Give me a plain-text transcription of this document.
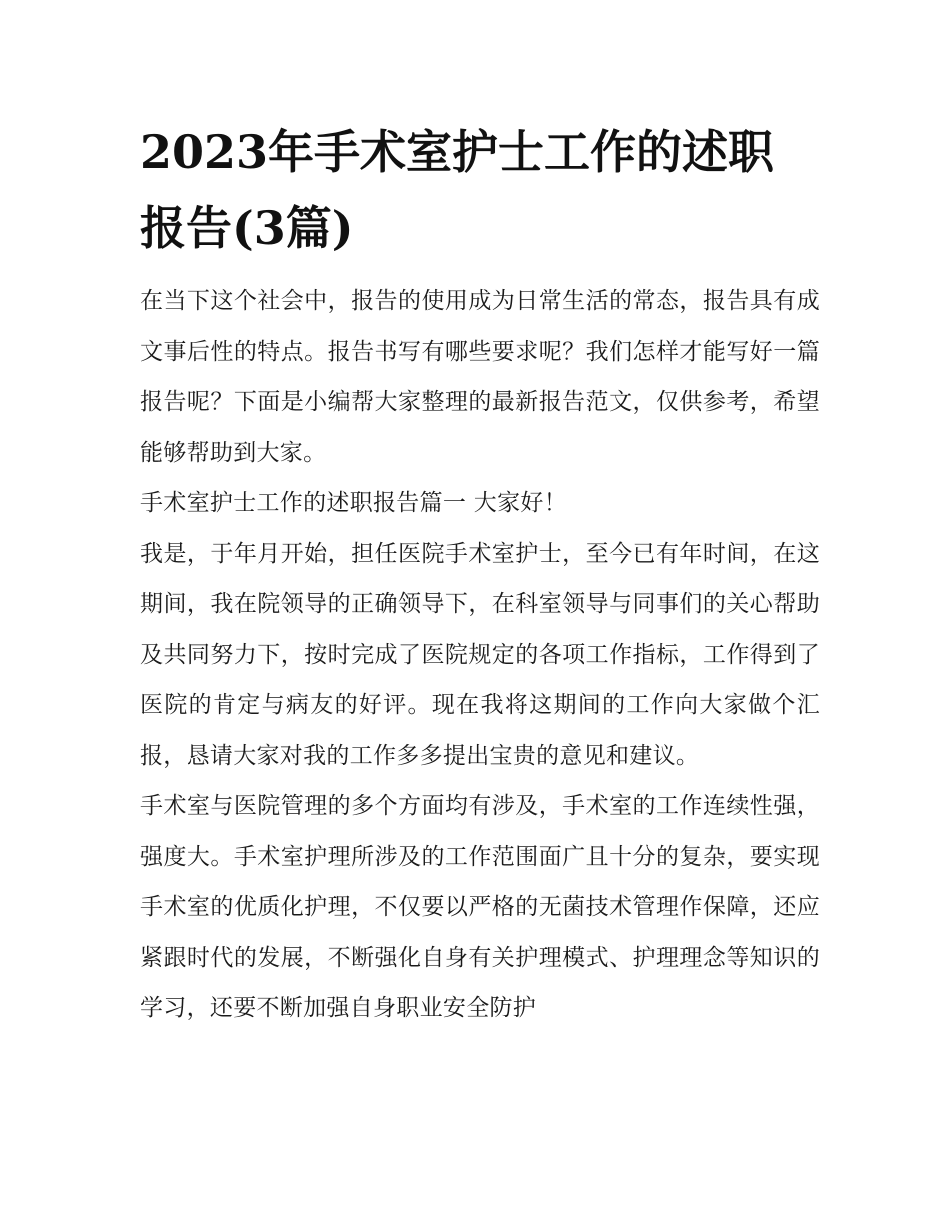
2023年手术室护士工作的述职报告(3篇)

在当下这个社会中，报告的使用成为日常生活的常态，报告具有成文事后性的特点。报告书写有哪些要求呢？我们怎样才能写好一篇报告呢？下面是小编帮大家整理的最新报告范文，仅供参考，希望能够帮助到大家。

手术室护士工作的述职报告篇一 大家好！

我是，于年月开始，担任医院手术室护士，至今已有年时间，在这期间，我在院领导的正确领导下，在科室领导与同事们的关心帮助及共同努力下，按时完成了医院规定的各项工作指标，工作得到了医院的肯定与病友的好评。现在我将这期间的工作向大家做个汇报，恳请大家对我的工作多多提出宝贵的意见和建议。

手术室与医院管理的多个方面均有涉及，手术室的工作连续性强，强度大。手术室护理所涉及的工作范围面广且十分的复杂，要实现手术室的优质化护理，不仅要以严格的无菌技术管理作保障，还应紧跟时代的发展，不断强化自身有关护理模式、护理理念等知识的学习，还要不断加强自身职业安全防护
